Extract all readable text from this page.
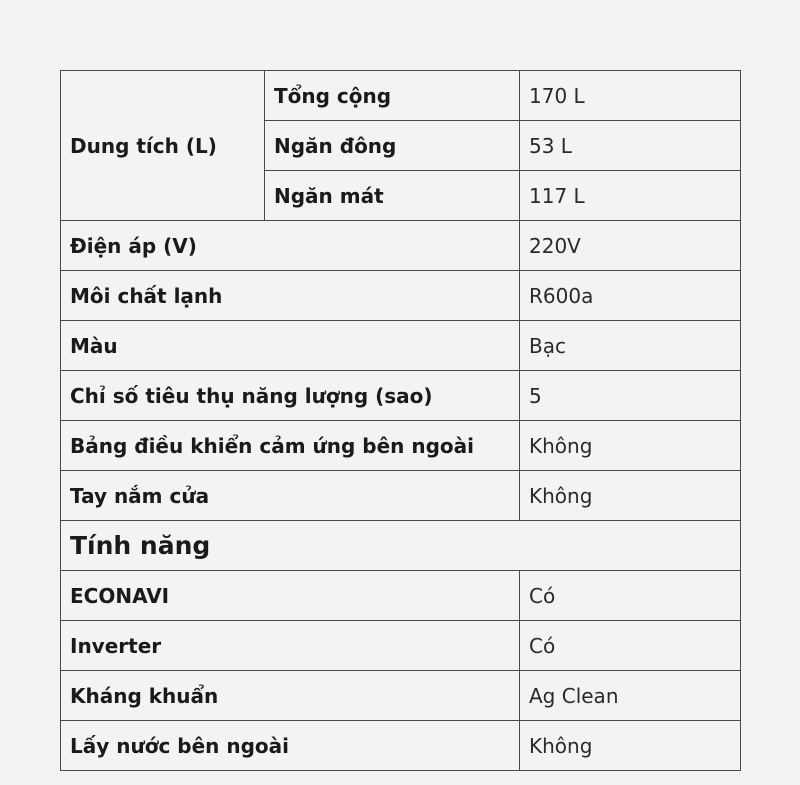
Dung tích (L)	Tổng cộng	170 L
	Ngăn đông	53 L
	Ngăn mát	117 L
Điện áp (V)		220V
Môi chất lạnh		R600a
Màu		Bạc
Chỉ số tiêu thụ năng lượng (sao)		5
Bảng điều khiển cảm ứng bên ngoài		Không
Tay nắm cửa		Không
Tính năng		
ECONAVI		Có
Inverter		Có
Kháng khuẩn		Ag Clean
Lấy nước bên ngoài		Không
